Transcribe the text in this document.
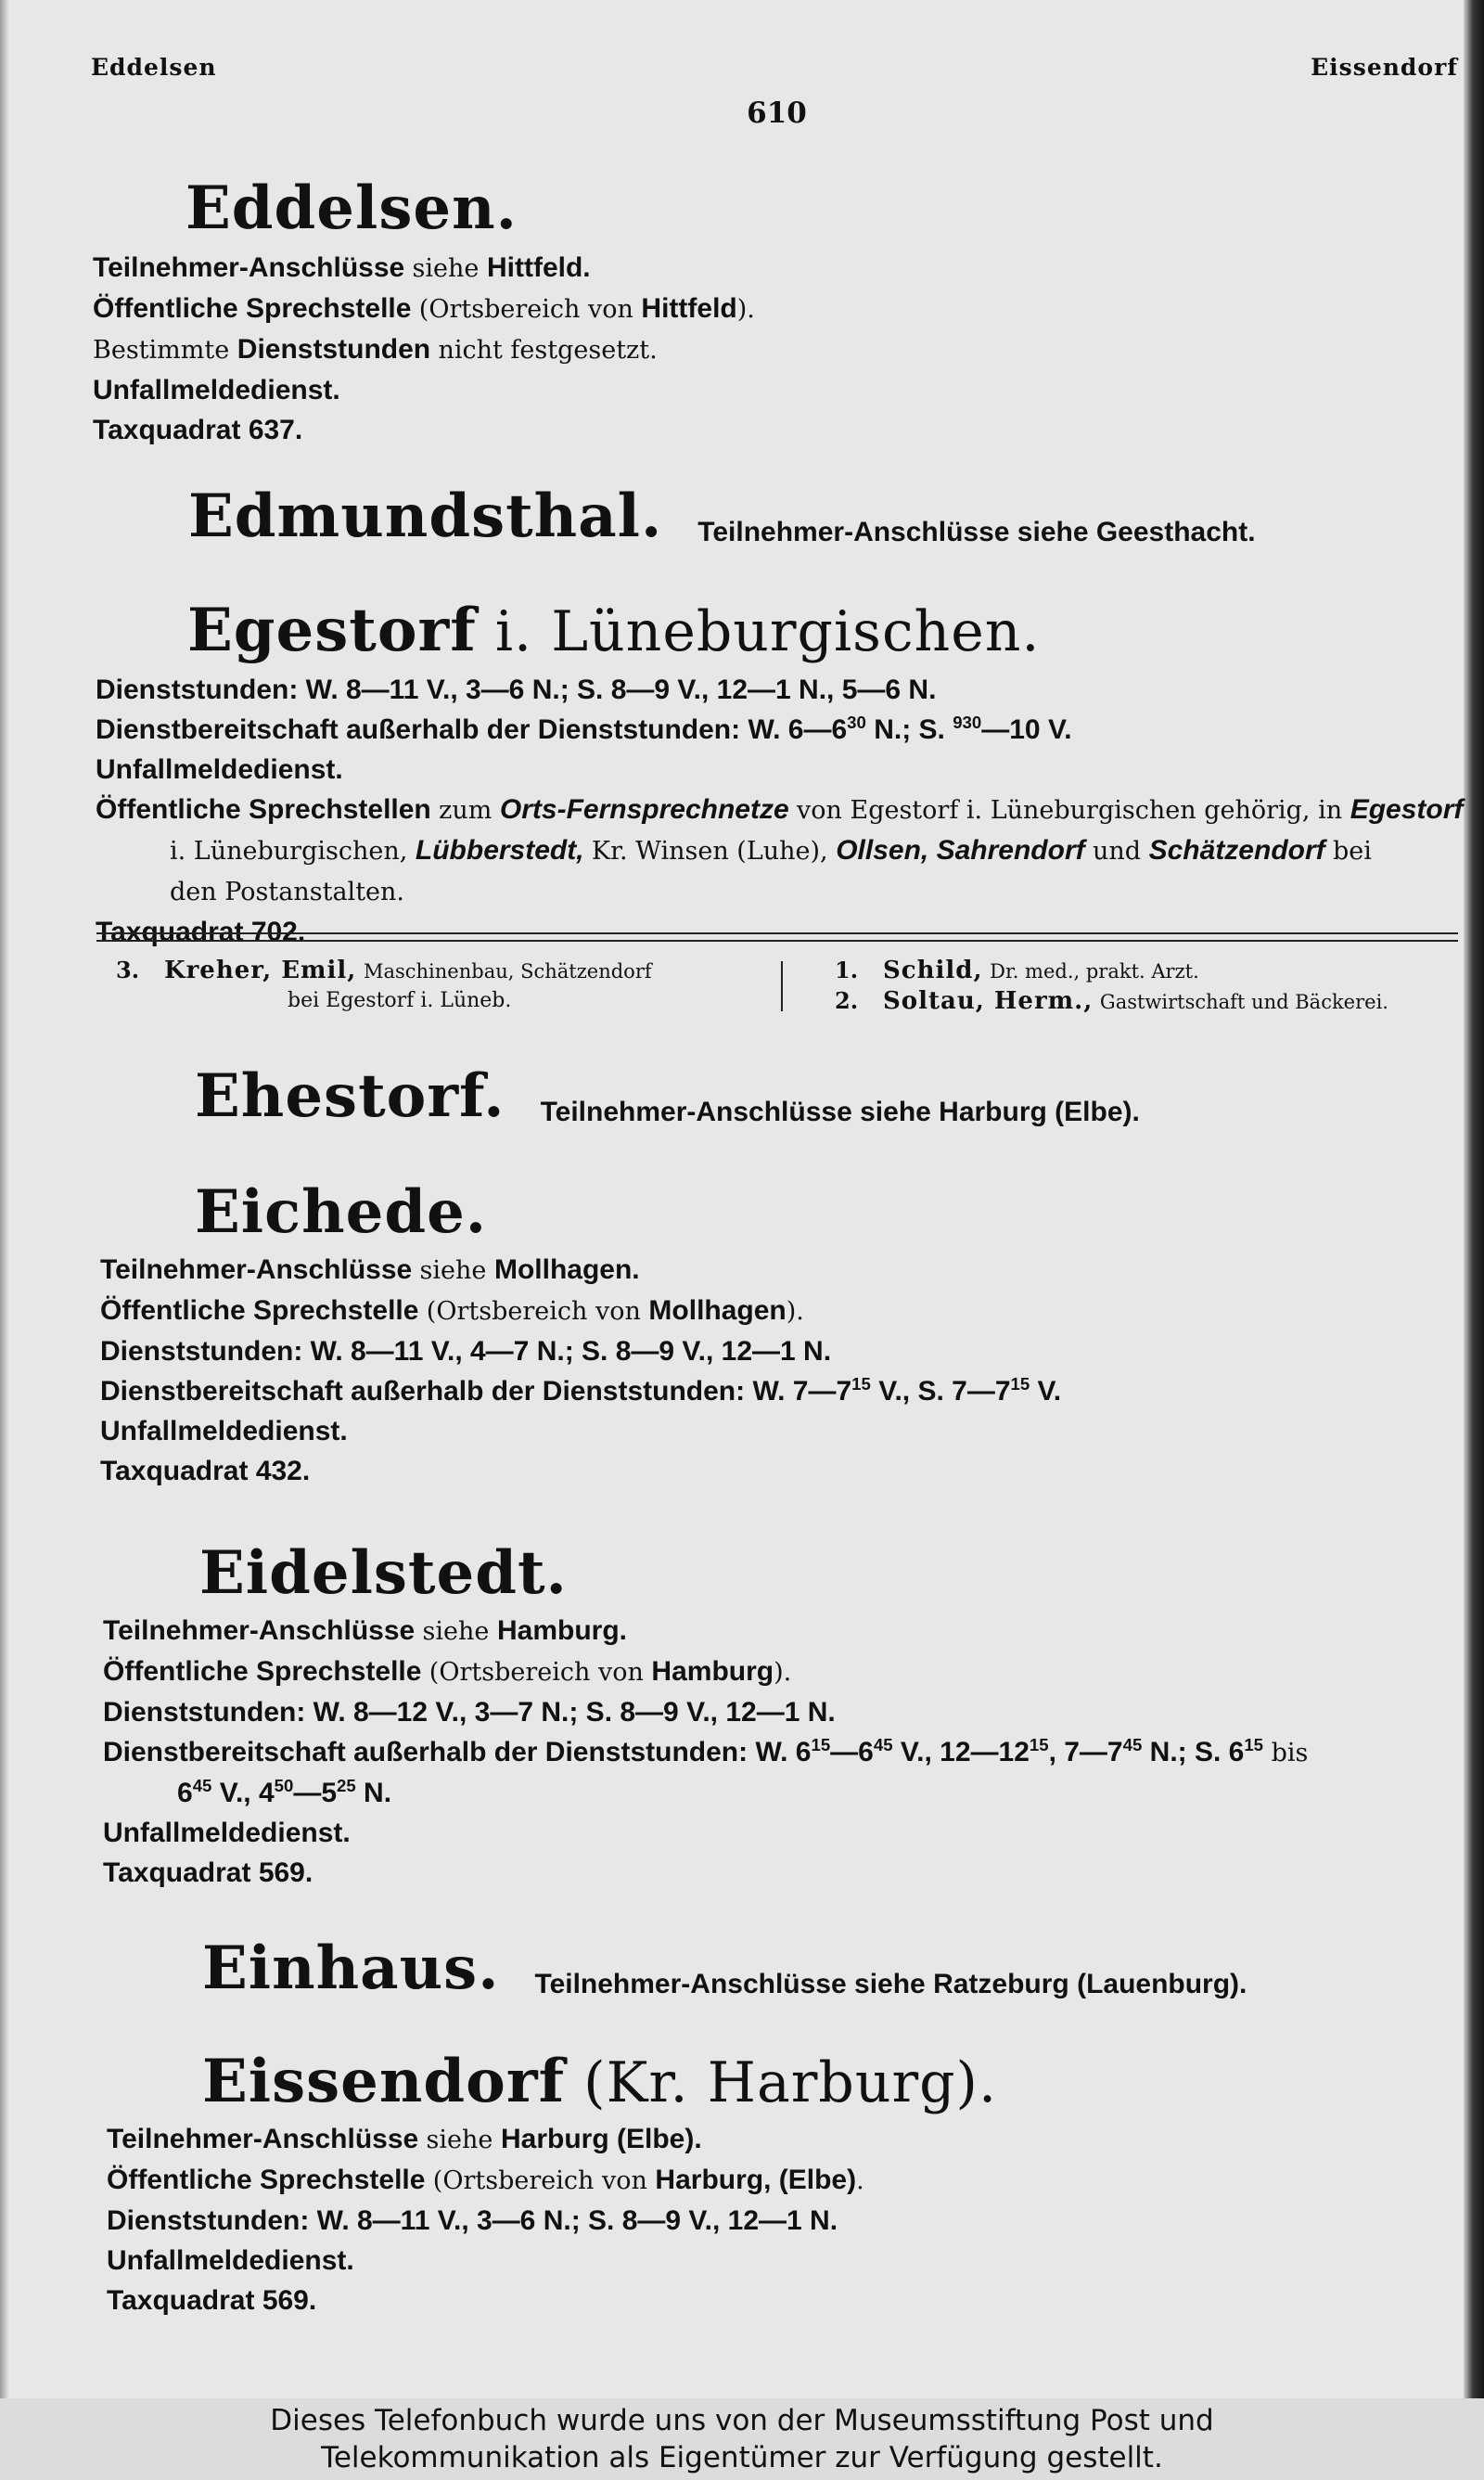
Eddelsen	Eissendorf
610
Eddelsen.
Teilnehmer-Anschlüsse siehe Hittfeld.
Öffentliche Sprechstelle (Ortsbereich von Hittfeld).
Bestimmte Dienststunden nicht festgesetzt.
Unfallmeldedienst.
Taxquadrat 637.
Edmundsthal. Teilnehmer-Anschlüsse siehe Geesthacht.
Egestorf i. Lüneburgischen.
Dienststunden: W. 8—11 V., 3—6 N.; S. 8—9 V., 12—1 N., 5—6 N.
Dienstbereitschaft außerhalb der Dienststunden: W. $6—6^{30}$ N.; S. $^{930}$—10 V.
Unfallmeldedienst.
Öffentliche Sprechstellen zum Orts-Fernsprechnetze von Egestorf i. Lüneburgischen gehörig, in Egestorf
i. Lüneburgischen, Lübberstedt, Kr. Winsen (Luhe), Ollsen, Sahrendorf und Schätzendorf bei
den Postanstalten.
Taxquadrat 702.
3. Kreher, Emil, Maschinenbau, Schätzendorf
bei Egestorf i. Lüneb.
1. Schild, Dr. med., prakt. Arzt.
2. Soltau, Herm., Gastwirtschaft und Bäckerei.
Ehestorf. Teilnehmer-Anschlüsse siehe Harburg (Elbe).
Eichede.
Teilnehmer-Anschlüsse siehe Mollhagen.
Öffentliche Sprechstelle (Ortsbereich von Mollhagen).
Dienststunden: W. 8—11 V., 4—7 N.; S. 8—9 V., 12—1 N.
Dienstbereitschaft außerhalb der Dienststunden: W. $7—7^{15}$ V., S. $7—7^{15}$ V.
Unfallmeldedienst.
Taxquadrat 432.
Eidelstedt.
Teilnehmer-Anschlüsse siehe Hamburg.
Öffentliche Sprechstelle (Ortsbereich von Hamburg).
Dienststunden: W. 8—12 V., 3—7 N.; S. 8—9 V., 12—1 N.
Dienstbereitschaft außerhalb der Dienststunden: W. $6^{15}—6^{45}$ V., $12—12^{15}$, $7—7^{45}$ N.; S. $6^{15}$ bis
$6^{45}$ V., $4^{50}—5^{25}$ N.
Unfallmeldedienst.
Taxquadrat 569.
Einhaus. Teilnehmer-Anschlüsse siehe Ratzeburg (Lauenburg).
Eissendorf (Kr. Harburg).
Teilnehmer-Anschlüsse siehe Harburg (Elbe).
Öffentliche Sprechstelle (Ortsbereich von Harburg, (Elbe).
Dienststunden: W. 8—11 V., 3—6 N.; S. 8—9 V., 12—1 N.
Unfallmeldedienst.
Taxquadrat 569.
Dieses Telefonbuch wurde uns von der Museumsstiftung Post und
Telekommunikation als Eigentümer zur Verfügung gestellt.
